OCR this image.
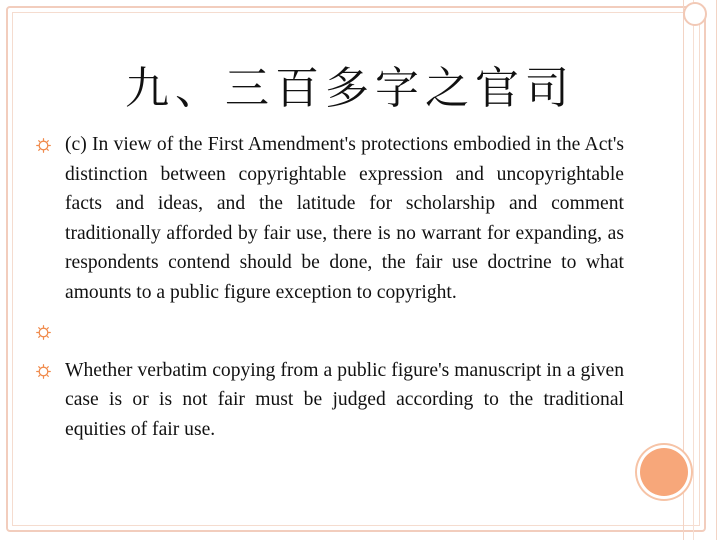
九、三百多字之官司
(c) In view of the First Amendment's protections embodied in the Act's distinction between copyrightable expression and uncopyrightable facts and ideas, and the latitude for scholarship and comment traditionally afforded by fair use, there is no warrant for expanding, as respondents contend should be done, the fair use doctrine to what amounts to a public figure exception to copyright.
Whether verbatim copying from a public figure's manuscript in a given case is or is not fair must be judged according to the traditional equities of fair use.
